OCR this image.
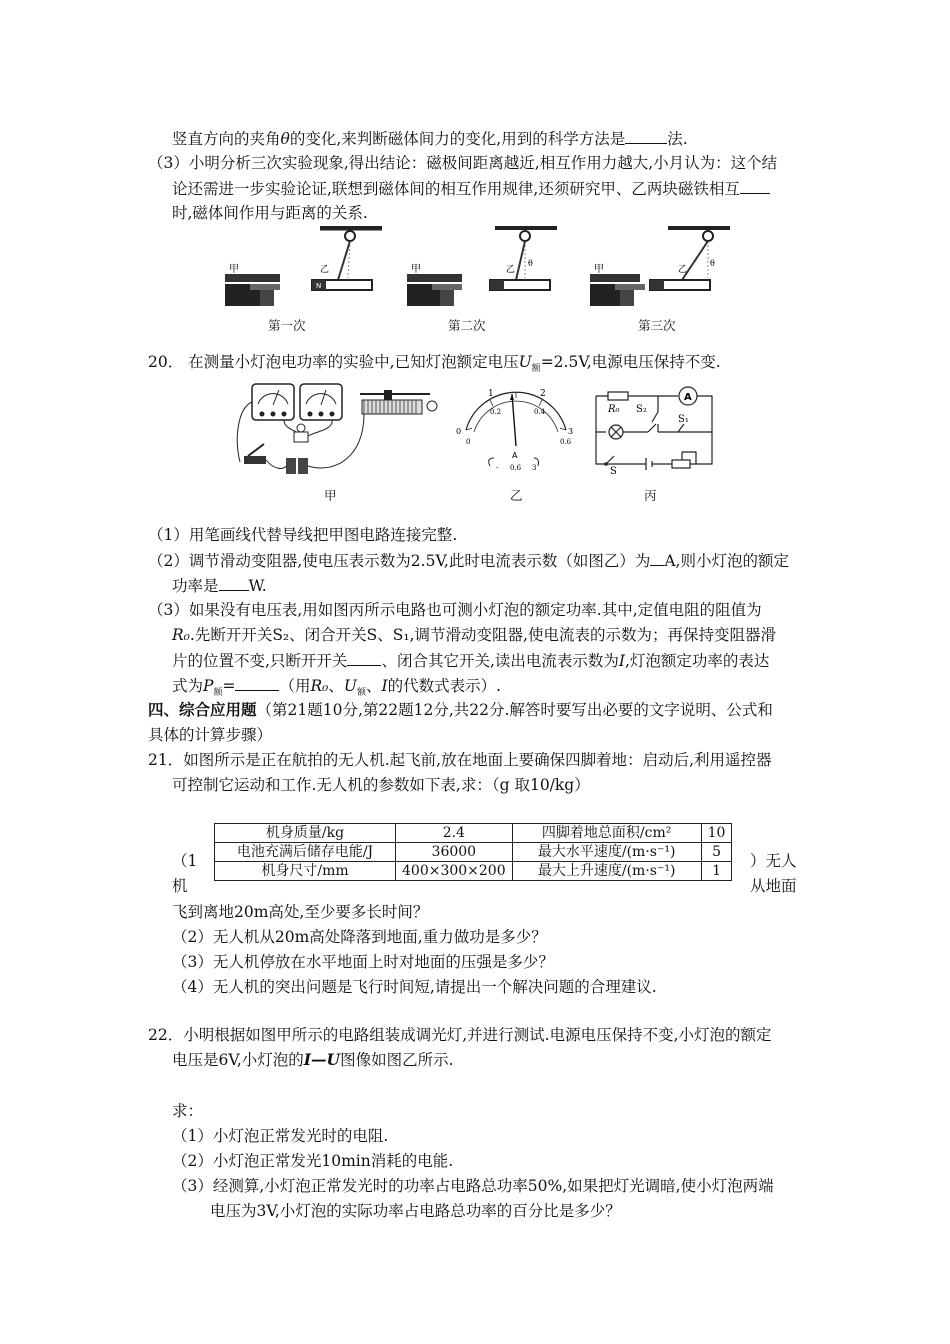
竖直方向的夹角θ的变化,来判断磁体间力的变化,用到的科学方法是	法.
（3）小明分析三次实验现象,得出结论：磁极间距离越近,相互作用力越大,小月认为：这个结
论还需进一步实验论证,联想到磁体间的相互作用规律,还须研究甲、乙两块磁铁相互
时,磁体间作用与距离的关系.
甲	乙
N
甲	乙
θ
甲	乙
θ
第一次	第二次	第三次
20． 在测量小灯泡电功率的实验中,已知灯泡额定电压$U_额=2.5V$,电源电压保持不变.
1	2
0.2	0.4
0	0.6
0	3
A
- 0.6 3
A
R₀ S₂
S₁
S
甲	乙	丙
（1）用笔画线代替导线把甲图电路连接完整.
（2）调节滑动变阻器,使电压表示数为2.5V,此时电流表示数（如图乙）为 A,则小灯泡的额定
功率是 W.
（3）如果没有电压表,用如图丙所示电路也可测小灯泡的额定功率.其中,定值电阻的阻值为
R₀.先断开开关S₂、闭合开关S、S₁,调节滑动变阻器,使电流表的示数为；再保持变阻器滑
片的位置不变,只断开开关 、闭合其它开关,读出电流表示数为I,灯泡额定功率的表达
式为$P_额=$	（用R₀、$U_额$、I的代数式表示）.
四、综合应用题（第21题10分,第22题12分,共22分.解答时要写出必要的文字说明、公式和
具体的计算步骤）
21．如图所示是正在航拍的无人机.起飞前,放在地面上要确保四脚着地：启动后,利用遥控器
可控制它运动和工作.无人机的参数如下表,求：（g 取10/kg）
机身质量/kg	2.4	四脚着地总面积/cm²	10
电池充满后储存电能/J	36000	最大水平速度/(m·s⁻¹)	5
机身尺寸/mm	400×300×200	最大上升速度/(m·s⁻¹)	1
（1
机
）无人
从地面
飞到离地20m高处,至少要多长时间？
（2）无人机从20m高处降落到地面,重力做功是多少？
（3）无人机停放在水平地面上时对地面的压强是多少？
（4）无人机的突出问题是飞行时间短,请提出一个解决问题的合理建议.
22．小明根据如图甲所示的电路组装成调光灯,并进行测试.电源电压保持不变,小灯泡的额定
电压是6V,小灯泡的I—U图像如图乙所示.
求：
（1）小灯泡正常发光时的电阻.
（2）小灯泡正常发光10min消耗的电能.
（3）经测算,小灯泡正常发光时的功率占电路总功率50%,如果把灯光调暗,使小灯泡两端
电压为3V,小灯泡的实际功率占电路总功率的百分比是多少？
